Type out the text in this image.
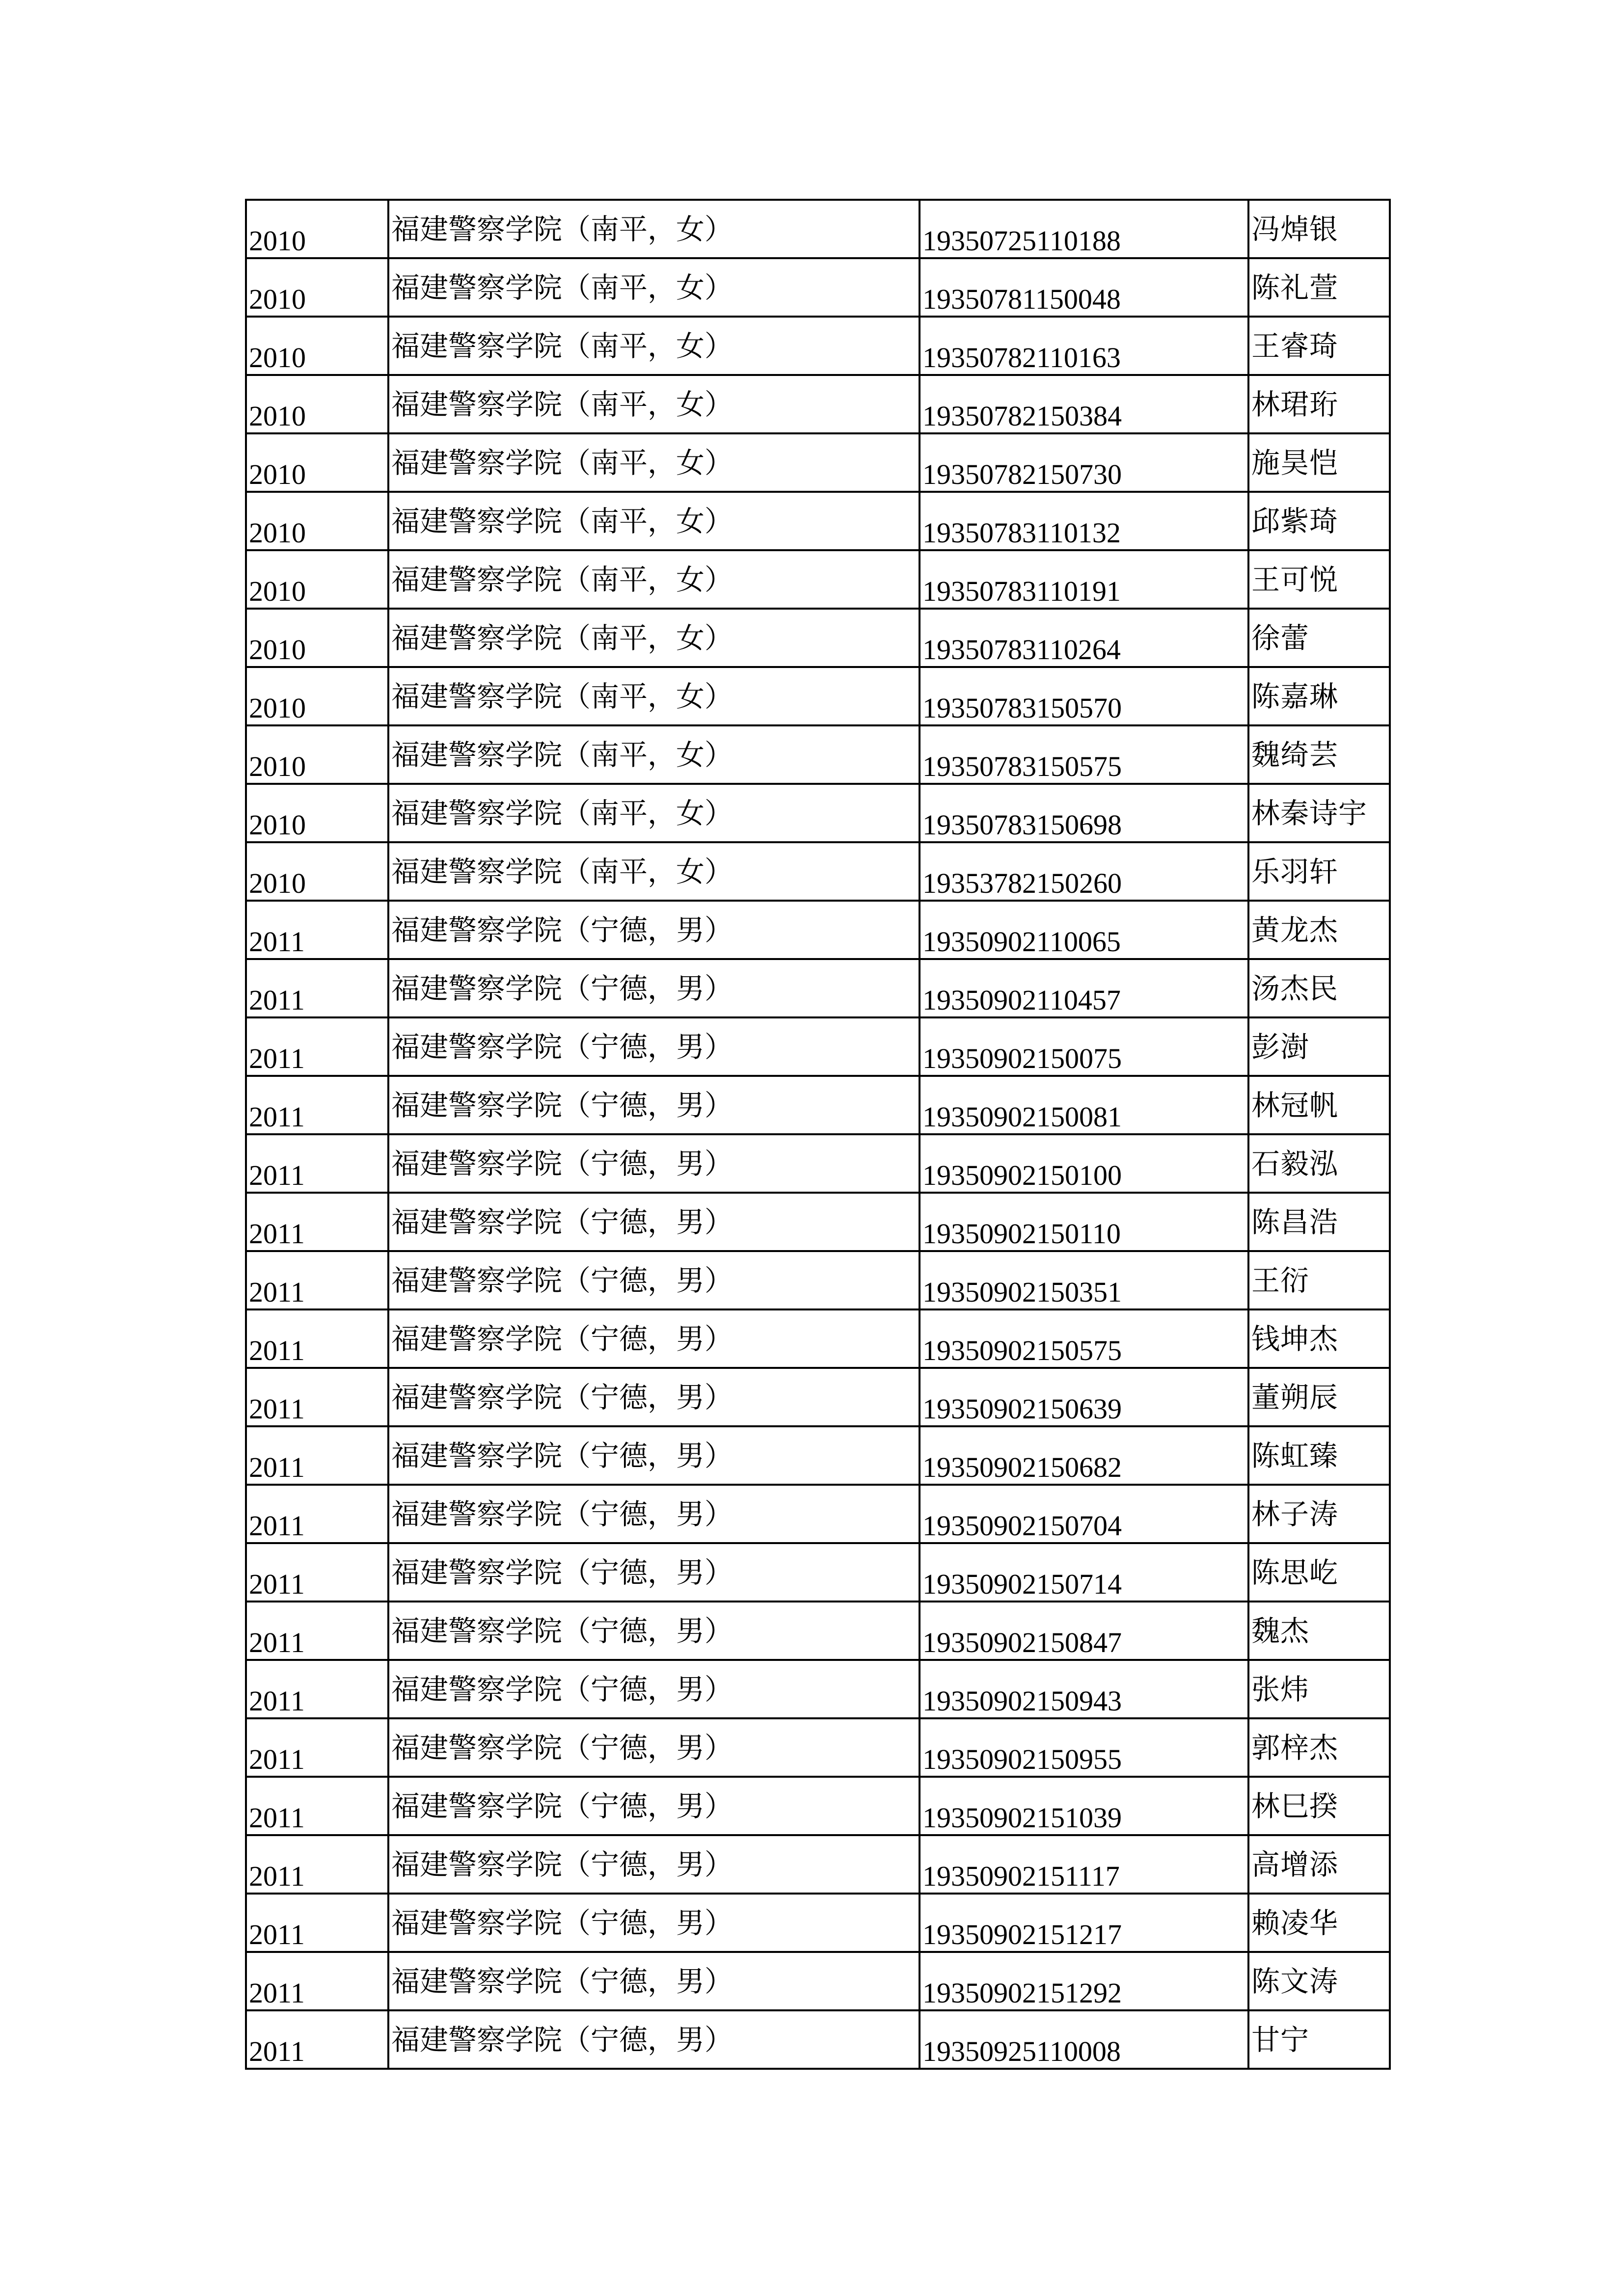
2010	福建警察学院（南平，女）	19350725110188	冯焯银
2010	福建警察学院（南平，女）	19350781150048	陈礼萱
2010	福建警察学院（南平，女）	19350782110163	王睿琦
2010	福建警察学院（南平，女）	19350782150384	林珺珩
2010	福建警察学院（南平，女）	19350782150730	施昊恺
2010	福建警察学院（南平，女）	19350783110132	邱紫琦
2010	福建警察学院（南平，女）	19350783110191	王可悦
2010	福建警察学院（南平，女）	19350783110264	徐蕾
2010	福建警察学院（南平，女）	19350783150570	陈嘉琳
2010	福建警察学院（南平，女）	19350783150575	魏绮芸
2010	福建警察学院（南平，女）	19350783150698	林秦诗宇
2010	福建警察学院（南平，女）	19353782150260	乐羽轩
2011	福建警察学院（宁德，男）	19350902110065	黄龙杰
2011	福建警察学院（宁德，男）	19350902110457	汤杰民
2011	福建警察学院（宁德，男）	19350902150075	彭澍
2011	福建警察学院（宁德，男）	19350902150081	林冠帆
2011	福建警察学院（宁德，男）	19350902150100	石毅泓
2011	福建警察学院（宁德，男）	19350902150110	陈昌浩
2011	福建警察学院（宁德，男）	19350902150351	王衍
2011	福建警察学院（宁德，男）	19350902150575	钱坤杰
2011	福建警察学院（宁德，男）	19350902150639	董朔辰
2011	福建警察学院（宁德，男）	19350902150682	陈虹臻
2011	福建警察学院（宁德，男）	19350902150704	林子涛
2011	福建警察学院（宁德，男）	19350902150714	陈思屹
2011	福建警察学院（宁德，男）	19350902150847	魏杰
2011	福建警察学院（宁德，男）	19350902150943	张炜
2011	福建警察学院（宁德，男）	19350902150955	郭梓杰
2011	福建警察学院（宁德，男）	19350902151039	林巳揆
2011	福建警察学院（宁德，男）	19350902151117	高增添
2011	福建警察学院（宁德，男）	19350902151217	赖凌华
2011	福建警察学院（宁德，男）	19350902151292	陈文涛
2011	福建警察学院（宁德，男）	19350925110008	甘宁
